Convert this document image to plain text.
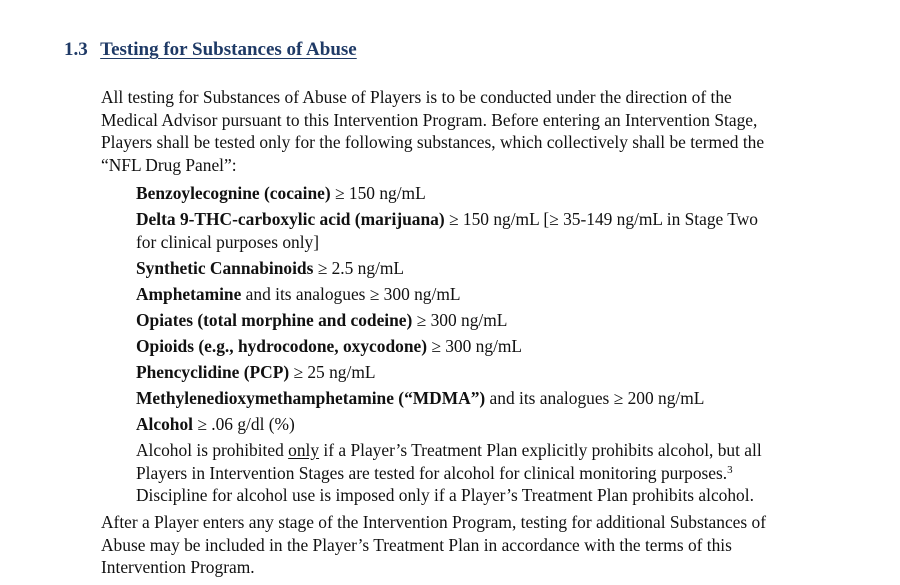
1.3 Testing for Substances of Abuse
All testing for Substances of Abuse of Players is to be conducted under the direction of the
Medical Advisor pursuant to this Intervention Program. Before entering an Intervention Stage,
Players shall be tested only for the following substances, which collectively shall be termed the
“NFL Drug Panel”:
Benzoylecognine (cocaine) ≥ 150 ng/mL
Delta 9-THC-carboxylic acid (marijuana) ≥ 150 ng/mL [≥ 35-149 ng/mL in Stage Two
for clinical purposes only]
Synthetic Cannabinoids ≥ 2.5 ng/mL
Amphetamine and its analogues ≥ 300 ng/mL
Opiates (total morphine and codeine) ≥ 300 ng/mL
Opioids (e.g., hydrocodone, oxycodone) ≥ 300 ng/mL
Phencyclidine (PCP) ≥ 25 ng/mL
Methylenedioxymethamphetamine (“MDMA”) and its analogues ≥ 200 ng/mL
Alcohol ≥ .06 g/dl (%)
Alcohol is prohibited only if a Player’s Treatment Plan explicitly prohibits alcohol, but all
Players in Intervention Stages are tested for alcohol for clinical monitoring purposes.$^3$
Discipline for alcohol use is imposed only if a Player’s Treatment Plan prohibits alcohol.
After a Player enters any stage of the Intervention Program, testing for additional Substances of
Abuse may be included in the Player’s Treatment Plan in accordance with the terms of this
Intervention Program.
